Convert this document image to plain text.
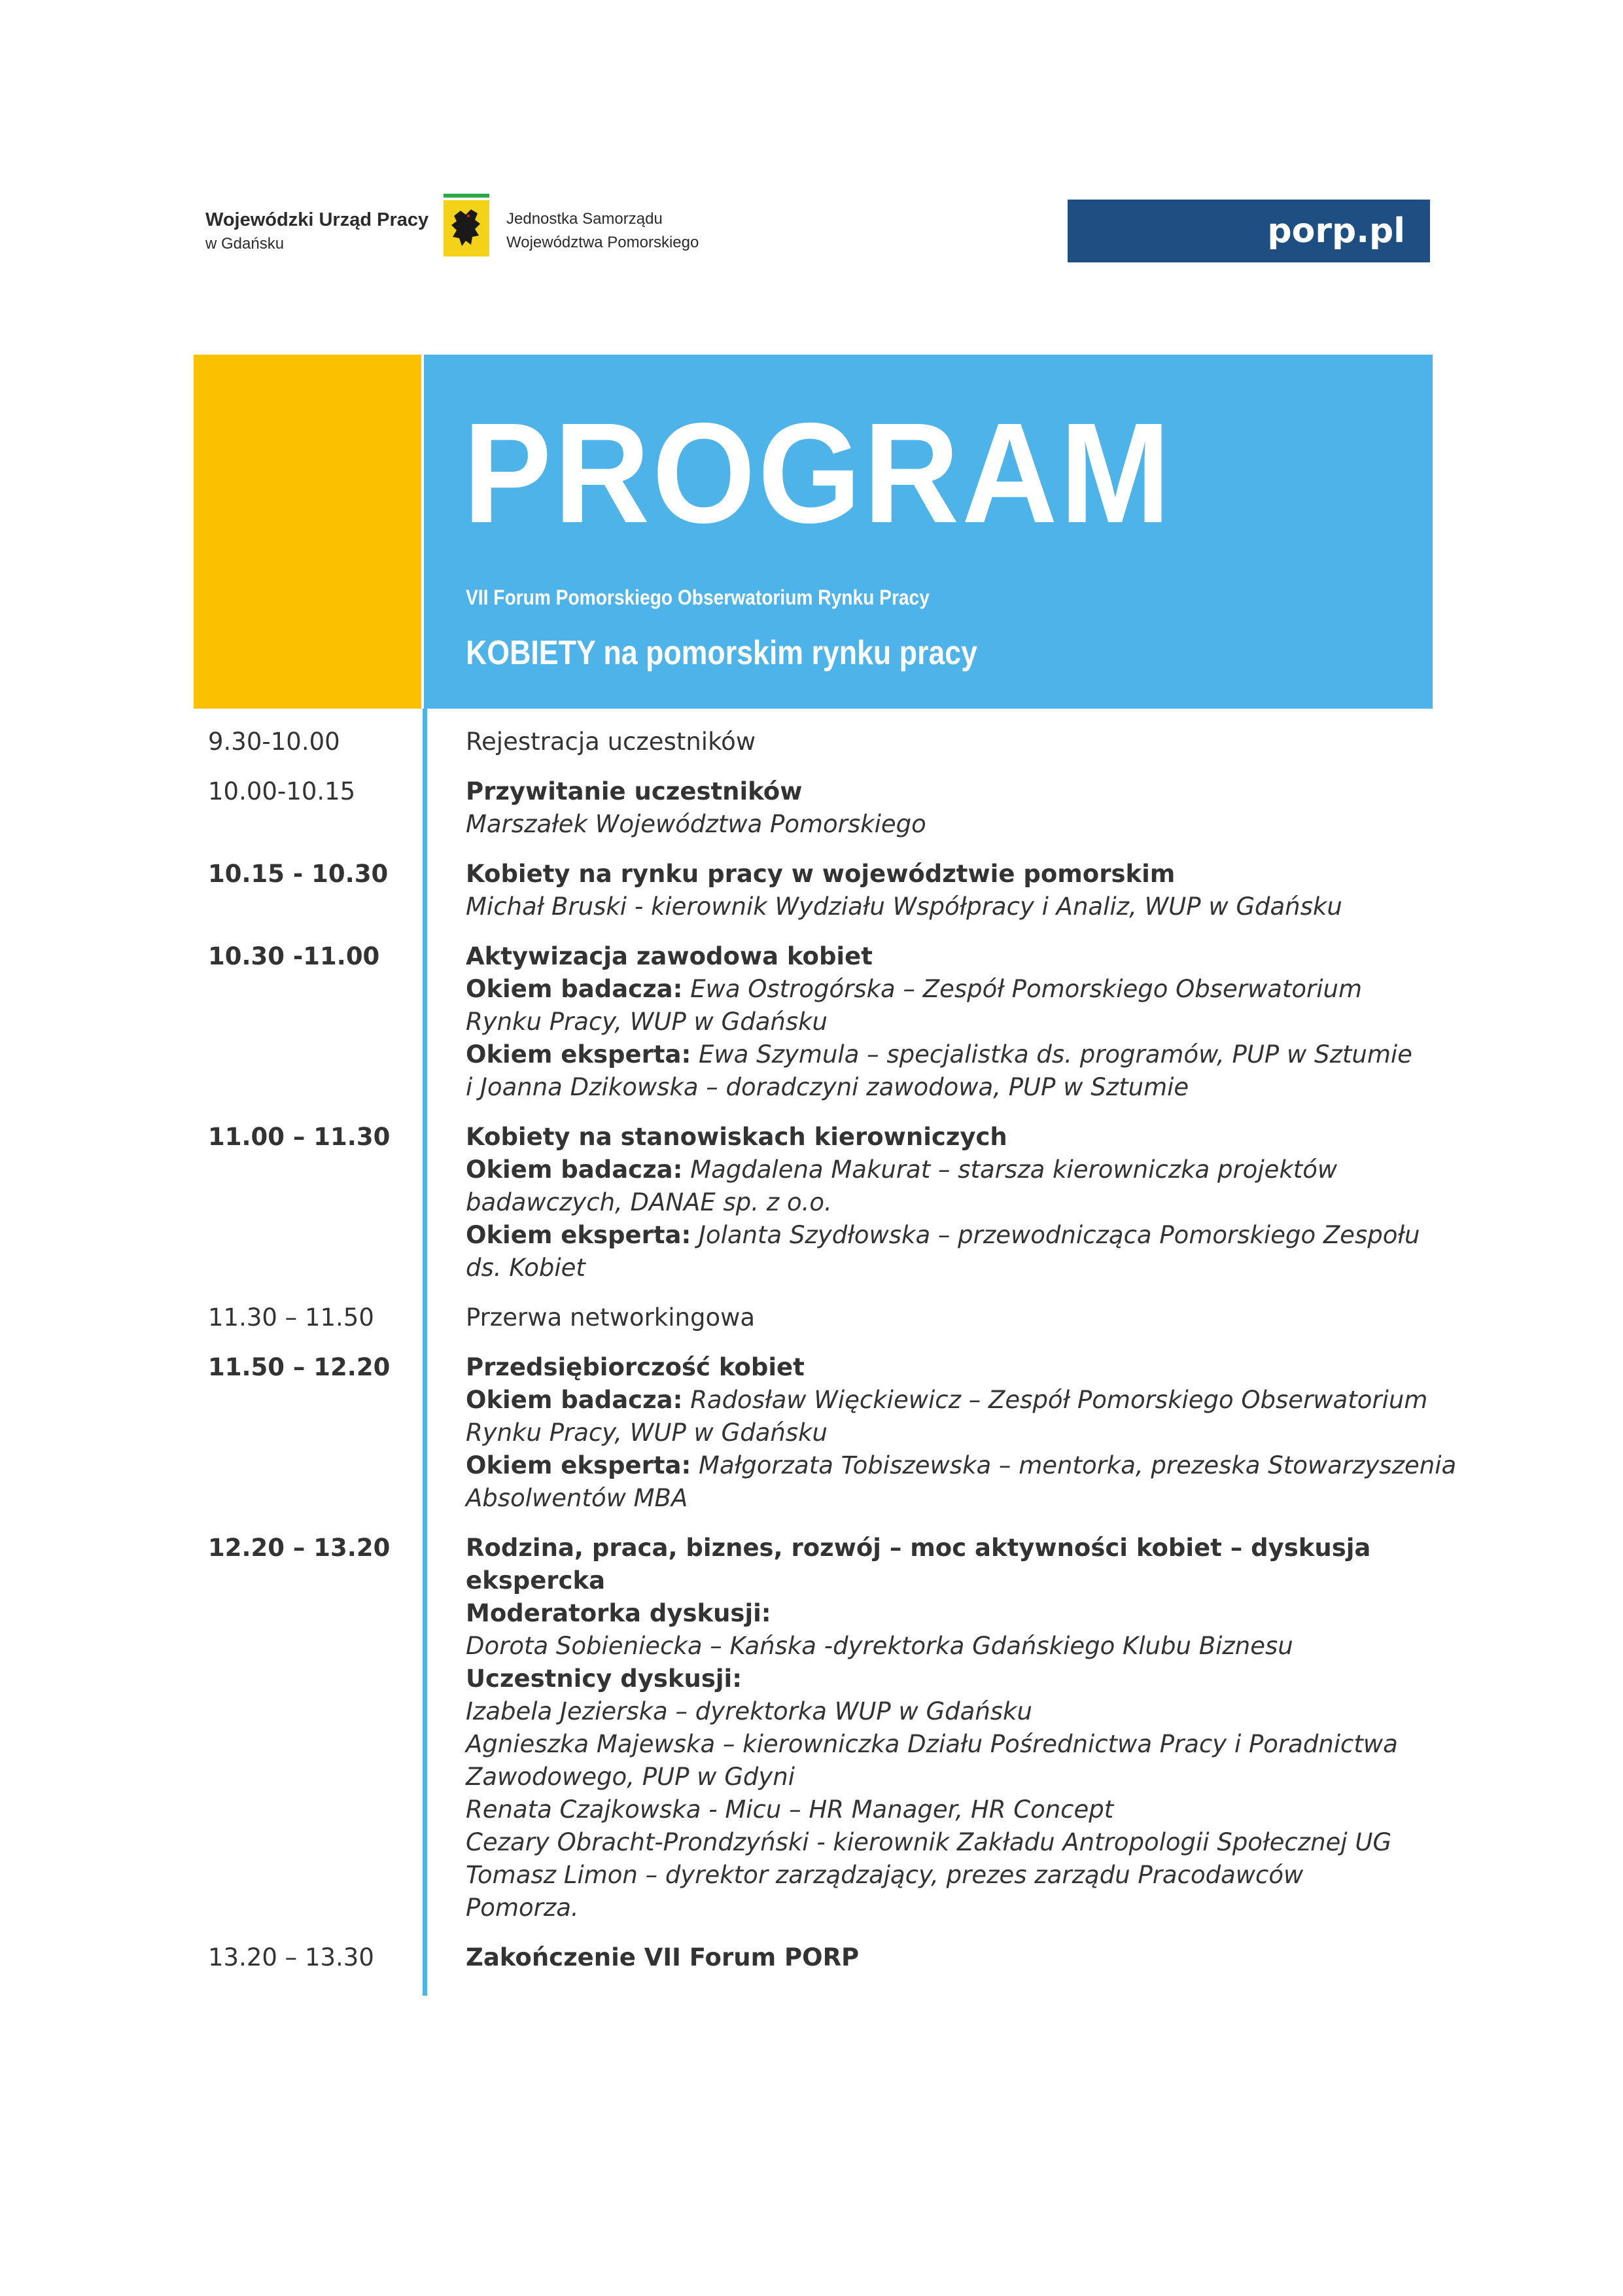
Wojewódzki Urząd Pracy

w Gdańsku

Jednostka Samorządu

Województwa Pomorskiego	porp.pl
PROGRAM

VII Forum Pomorskiego Obserwatorium Rynku Pracy

KOBIETY na pomorskim rynku pracy

9.30-10.00	Rejestracja uczestników

10.00-10.15	Przywitanie uczestników
Marszałek Województwa Pomorskiego

10.15 - 10.30	Kobiety na rynku pracy w województwie pomorskim
Michał Bruski - kierownik Wydziału Współpracy i Analiz, WUP w Gdańsku

10.30 -11.00	Aktywizacja zawodowa kobiet
Okiem badacza: Ewa Ostrogórska – Zespół Pomorskiego Obserwatorium
Rynku Pracy, WUP w Gdańsku
Okiem eksperta: Ewa Szymula – specjalistka ds. programów, PUP w Sztumie
i Joanna Dzikowska – doradczyni zawodowa, PUP w Sztumie

11.00 – 11.30	Kobiety na stanowiskach kierowniczych
Okiem badacza: Magdalena Makurat – starsza kierowniczka projektów
badawczych, DANAE sp. z o.o.
Okiem eksperta: Jolanta Szydłowska – przewodnicząca Pomorskiego Zespołu
ds. Kobiet

11.30 – 11.50	Przerwa networkingowa

11.50 – 12.20	Przedsiębiorczość kobiet
Okiem badacza: Radosław Więckiewicz – Zespół Pomorskiego Obserwatorium
Rynku Pracy, WUP w Gdańsku
Okiem eksperta: Małgorzata Tobiszewska – mentorka, prezeska Stowarzyszenia
Absolwentów MBA

12.20 – 13.20	Rodzina, praca, biznes, rozwój – moc aktywności kobiet – dyskusja
ekspercka
Moderatorka dyskusji:
Dorota Sobieniecka – Kańska -dyrektorka Gdańskiego Klubu Biznesu
Uczestnicy dyskusji:
Izabela Jezierska – dyrektorka WUP w Gdańsku
Agnieszka Majewska – kierowniczka Działu Pośrednictwa Pracy i Poradnictwa
Zawodowego, PUP w Gdyni
Renata Czajkowska - Micu – HR Manager, HR Concept
Cezary Obracht-Prondzyński - kierownik Zakładu Antropologii Społecznej UG
Tomasz Limon – dyrektor zarządzający, prezes zarządu Pracodawców
Pomorza.

13.20 – 13.30	Zakończenie VII Forum PORP
